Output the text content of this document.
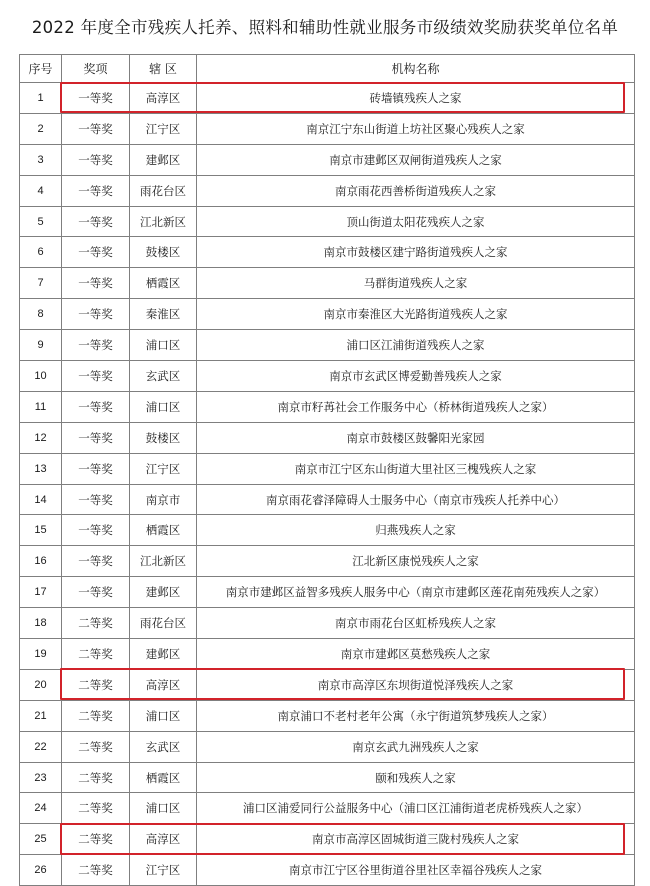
2022 年度全市残疾人托养、照料和辅助性就业服务市级绩效奖励获奖单位名单
序号	奖项	辖 区	机构名称
1	一等奖	高淳区	砖墙镇残疾人之家
2	一等奖	江宁区	南京江宁东山街道上坊社区聚心残疾人之家
3	一等奖	建邺区	南京市建邺区双闸街道残疾人之家
4	一等奖	雨花台区	南京雨花西善桥街道残疾人之家
5	一等奖	江北新区	顶山街道太阳花残疾人之家
6	一等奖	鼓楼区	南京市鼓楼区建宁路街道残疾人之家
7	一等奖	栖霞区	马群街道残疾人之家
8	一等奖	秦淮区	南京市秦淮区大光路街道残疾人之家
9	一等奖	浦口区	浦口区江浦街道残疾人之家
10	一等奖	玄武区	南京市玄武区博爱勤善残疾人之家
11	一等奖	浦口区	南京市籽苒社会工作服务中心（桥林街道残疾人之家）
12	一等奖	鼓楼区	南京市鼓楼区鼓馨阳光家园
13	一等奖	江宁区	南京市江宁区东山街道大里社区三槐残疾人之家
14	一等奖	南京市	南京雨花睿泽障碍人士服务中心（南京市残疾人托养中心）
15	一等奖	栖霞区	归燕残疾人之家
16	一等奖	江北新区	江北新区康悦残疾人之家
17	一等奖	建邺区	南京市建邺区益智多残疾人服务中心（南京市建邺区莲花南苑残疾人之家）
18	二等奖	雨花台区	南京市雨花台区虹桥残疾人之家
19	二等奖	建邺区	南京市建邺区莫愁残疾人之家
20	二等奖	高淳区	南京市高淳区东坝街道悦泽残疾人之家
21	二等奖	浦口区	南京浦口不老村老年公寓（永宁街道筑梦残疾人之家）
22	二等奖	玄武区	南京玄武九洲残疾人之家
23	二等奖	栖霞区	颐和残疾人之家
24	二等奖	浦口区	浦口区浦爱同行公益服务中心（浦口区江浦街道老虎桥残疾人之家）
25	二等奖	高淳区	南京市高淳区固城街道三陇村残疾人之家
26	二等奖	江宁区	南京市江宁区谷里街道谷里社区幸福谷残疾人之家
